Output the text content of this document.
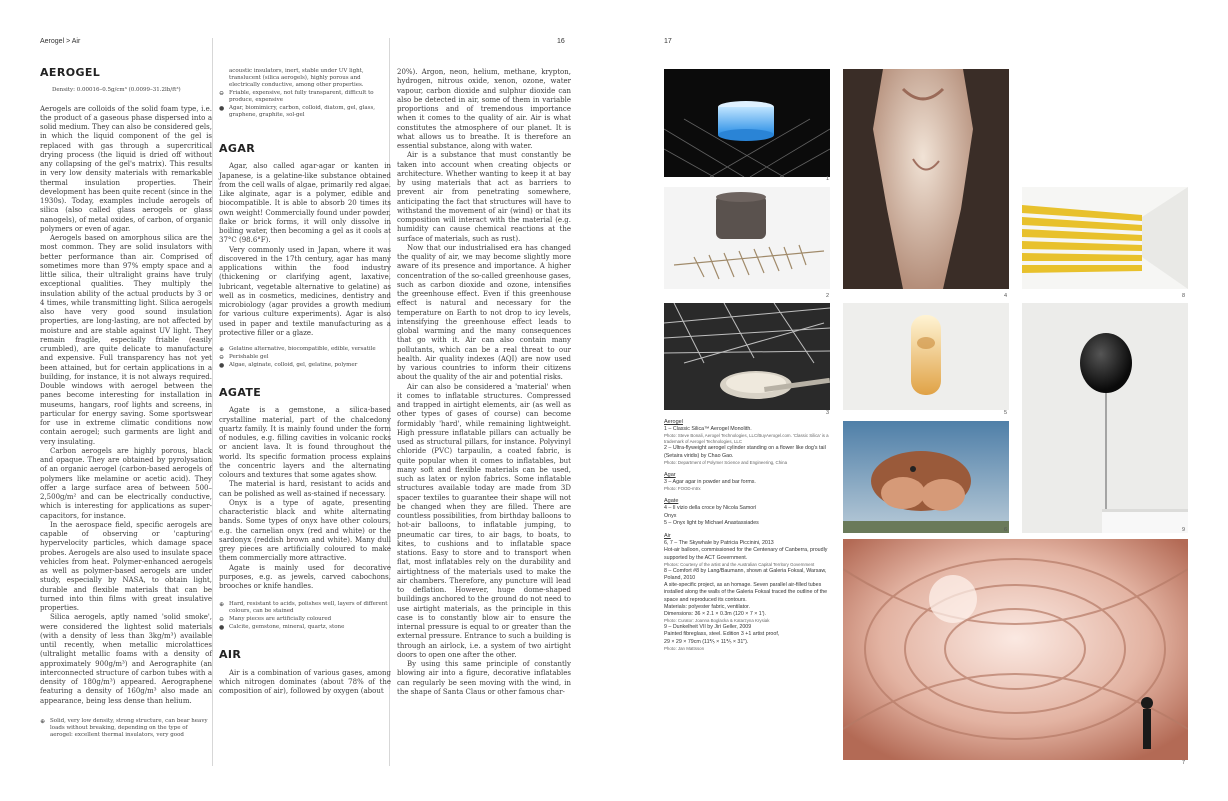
Aerogel > Air	16
AEROGEL
Density: 0.00016–0.5g/cm³ (0.0099–31.2lb/ft³)

Aerogels are colloids of the solid foam type, i.e. the product of a gaseous phase dispersed into a solid medium. They can also be considered gels, in which the liquid component of the gel is replaced with gas through a supercritical drying process (the liquid is dried off without any collapsing of the gel's matrix). This results in very low density materials with remarkable thermal insulation properties. Their development has been quite recent (since in the 1930s). Today, examples include aerogels of silica (also called glass aerogels or glass nanogels), of metal oxides, of carbon, of organic polymers or even of agar.

Aerogels based on amorphous silica are the most common. They are solid insulators with better performance than air. Comprised of sometimes more than 97% empty space and a little silica, their ultralight grains have truly exceptional qualities. They multiply the insulation ability of the actual products by 3 or 4 times, while transmitting light. Silica aerogels also have very good sound insulation properties, are long-lasting, are not affected by moisture and are stable against UV light. They remain fragile, especially friable (easily crumbled), are quite delicate to manufacture and expensive. Full transparency has not yet been attained, but for certain applications in a building, for instance, it is not always required. Double windows with aerogel between the panes become interesting for installation in museums, hangars, roof lights and screens, in particular for energy saving. Some sportswear for use in extreme climatic conditions now contain aerogel; such garments are light and very insulating.

Carbon aerogels are highly porous, black and opaque. They are obtained by pyrolysation of an organic aerogel (carbon-based aerogels of polymers like melamine or acetic acid). They offer a large surface area of between 500–2,500g/m² and can be electrically conductive, which is interesting for applications as super-capacitors, for instance.

In the aerospace field, specific aerogels are capable of observing or 'capturing' hypervelocity particles, which damage space probes. Aerogels are also used to insulate space vehicles from heat. Polymer-enhanced aerogels as well as polymer-based aerogels are under study, especially by NASA, to obtain light, durable and flexible materials that can be turned into thin films with great insulative properties.

Silica aerogels, aptly named 'solid smoke', were considered the lightest solid materials (with a density of less than 3kg/m³) available until recently, when metallic microlattices (ultralight metallic foams with a density of approximately 900g/m³) and Aerographite (an interconnected structure of carbon tubes with a density of 180g/m³) appeared. Aerographene featuring a density of 160g/m³ also made an appearance, being less dense than helium.

⊕ Solid, very low density, strong structure, can bear heavy loads without breaking, depending on the type of aerogel: excellent thermal insulators, very good
acoustic insulators, inert, stable under UV light, translucent (silica aerogels), highly porous and electrically conductive, among other properties.
⊖ Friable, expensive, not fully transparent, difficult to produce, expensive
● Agar, biomimicry, carbon, colloid, diatom, gel, glass, graphene, graphite, sol-gel
AGAR

Agar, also called agar-agar or kanten in Japanese, is a gelatine-like substance obtained from the cell walls of algae, primarily red algae. Like alginate, agar is a polymer, edible and biocompatible. It is able to absorb 20 times its own weight! Commercially found under powder, flake or brick forms, it will only dissolve in boiling water, then becoming a gel as it cools at 37°C (98.6°F).

Very commonly used in Japan, where it was discovered in the 17th century, agar has many applications within the food industry (thickening or clarifying agent, laxative, lubricant, vegetable alternative to gelatine) as well as in cosmetics, medicines, dentistry and microbiology (agar provides a growth medium for various culture experiments). Agar is also used in paper and textile manufacturing as a protective filler or a glaze.

⊕ Gelatine alternative, biocompatible, edible, versatile
⊖ Perishable gel
● Algae, alginate, colloid, gel, gelatine, polymer
AGATE

Agate is a gemstone, a silica-based crystalline material, part of the chalcedony quartz family. It is mainly found under the form of nodules, e.g. filling cavities in volcanic rocks or ancient lava. It is found throughout the world. Its specific formation process explains the concentric layers and the alternating colours and textures that some agates show.

The material is hard, resistant to acids and can be polished as well as-stained if necessary.

Onyx is a type of agate, presenting characteristic black and white alternating bands. Some types of onyx have other colours, e.g. the carnelian onyx (red and white) or the sardonyx (reddish brown and white). Many dull grey pieces are artificially coloured to make them commercially more attractive.

Agate is mainly used for decorative purposes, e.g. as jewels, carved cabochons, brooches or knife handles.

⊕ Hard, resistant to acids, polishes well, layers of different colours, can be stained
⊖ Many pieces are artificially coloured
● Calcite, gemstone, mineral, quartz, stone
AIR

Air is a combination of various gases, among which nitrogen dominates (about 78% of the composition of air), followed by oxygen (about

20%). Argon, neon, helium, methane, krypton, hydrogen, nitrous oxide, xenon, ozone, water vapour, carbon dioxide and sulphur dioxide can also be detected in air, some of them in variable proportions and of tremendous importance when it comes to the quality of air. Air is what constitutes the atmosphere of our planet. It is what allows us to breathe. It is therefore an essential substance, along with water.

Air is a substance that must constantly be taken into account when creating objects or architecture. Whether wanting to keep it at bay by using materials that act as barriers to prevent air from penetrating somewhere, anticipating the fact that structures will have to withstand the movement of air (wind) or that its composition will interact with the material (e.g. humidity can cause chemical reactions at the surface of materials, such as rust).

Now that our industrialised era has changed the quality of air, we may become slightly more aware of its presence and importance. A higher concentration of the so-called greenhouse gases, such as carbon dioxide and ozone, intensifies the greenhouse effect. Even if this greenhouse effect is natural and necessary for the temperature on Earth to not drop to icy levels, intensifying the greenhouse effect leads to global warming and the many consequences that go with it. Air can also contain many pollutants, which can be a real threat to our health. Air quality indexes (AQI) are now used by various countries to inform their citizens about the quality of the air and potential risks.

Air can also be considered a 'material' when it comes to inflatable structures. Compressed and trapped in airtight elements, air (as well as other types of gases of course) can become formidably 'hard', while remaining lightweight. High pressure inflatable pillars can actually be used as structural pillars, for instance. Polyvinyl chloride (PVC) tarpaulin, a coated fabric, is quite popular when it comes to inflatables, but many soft and flexible materials can be used, such as latex or nylon fabrics. Some inflatable structures available today are made from 3D spacer textiles to guarantee their shape will not be changed when they are filled. There are countless possibilities, from birthday balloons to hot-air balloons, to inflatable jumping, to pneumatic car tires, to air bags, to boats, to kites, to cushions and to inflatable space stations. Easy to store and to transport when flat, most inflatables rely on the durability and airtightness of the materials used to make the air chambers. Therefore, any puncture will lead to deflation. However, huge dome-shaped buildings anchored to the ground do not need to use airtight materials, as the principle in this case is to constantly blow air to ensure the internal pressure is equal to or greater than the external pressure. Entrance to such a building is through an airlock, i.e. a system of two airtight doors to open one after the other.

By using this same principle of constantly blowing air into a figure, decorative inflatables can regularly be seen moving with the wind, in the shape of Santa Claus or other famous char-

17
1
2
3
4
5
6
8
9
7
Aerogel
1 – Classic Silica™ Aerogel Monolith.
Photo: Steve Bonali, Aerogel Technologies, LLC/BuyAerogel.com. 'Classic Silica' is a trademark of Aerogel Technologies, LLC
2 – Ultra-flyweight aerogel cylinder standing on a flower like dog's tail (Setaira viridis) by Chao Gao.
Photo: Department of Polymer Science and Engineering, China
Agar
3 – Agar agar in powder and bar forms.
Photo: FOOD-mtrx
Agate
4 – Il vizio della croce by Nicola Samorì
Onyx
5 – Onyx light by Michael Anastassiades
Air
6, 7 – The Skywhale by Patricia Piccinini, 2013
Hot-air balloon, commissioned for the Centenary of Canberra, proudly supported by the ACT Government.
Photos: Courtesy of the artist and the Australian Capital Territory Government
8 – Comfort #8 by Lang/Baumann, shown at Galeria Foksal, Warsaw, Poland, 2010
A site-specific project, as an homage. Seven parallel air-filled tubes installed along the walls of the Galeria Foksal traced the outline of the space and reproduced its contours.
Materials: polyester fabric, ventilator.
Dimensions: 36 × 2.1 × 0.3m (120 × 7 × 1').
Photo: Curator: Joanna Boglacka & Katarzyna Krysiak
9 – Dunkelheit VII by Jiri Geller, 2009
Painted fibreglass, steel. Edition 3 +1 artist proof,
29 × 29 × 79cm (11⅖ × 11⅖ × 31").
Photo: Jan Mattsson
